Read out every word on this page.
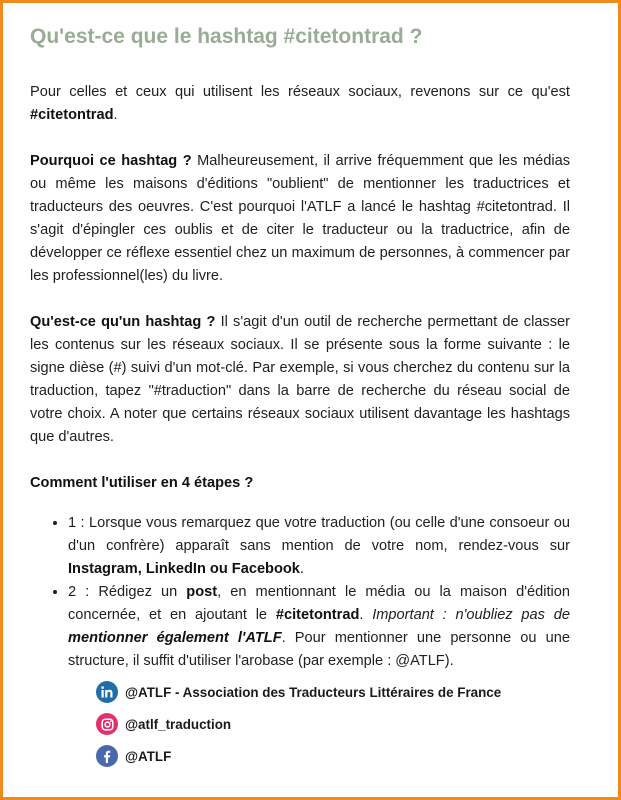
Qu'est-ce que le hashtag #citetontrad ?

Pour celles et ceux qui utilisent les réseaux sociaux, revenons sur ce qu'est #citetontrad.

Pourquoi ce hashtag ? Malheureusement, il arrive fréquemment que les médias ou même les maisons d'éditions "oublient" de mentionner les traductrices et traducteurs des oeuvres. C'est pourquoi l'ATLF a lancé le hashtag #citetontrad. Il s'agit d'épingler ces oublis et de citer le traducteur ou la traductrice, afin de développer ce réflexe essentiel chez un maximum de personnes, à commencer par les professionnel(les) du livre.

Qu'est-ce qu'un hashtag ? Il s'agit d'un outil de recherche permettant de classer les contenus sur les réseaux sociaux. Il se présente sous la forme suivante : le signe dièse (#) suivi d'un mot-clé. Par exemple, si vous cherchez du contenu sur la traduction, tapez "#traduction" dans la barre de recherche du réseau social de votre choix. A noter que certains réseaux sociaux utilisent davantage les hashtags que d'autres.

Comment l'utiliser en 4 étapes ?

• 1 : Lorsque vous remarquez que votre traduction (ou celle d'une consoeur ou d'un confrère) apparaît sans mention de votre nom, rendez-vous sur Instagram, LinkedIn ou Facebook.
• 2 : Rédigez un post, en mentionnant le média ou la maison d'édition concernée, et en ajoutant le #citetontrad. Important : n'oubliez pas de mentionner également l'ATLF. Pour mentionner une personne ou une structure, il suffit d'utiliser l'arobase (par exemple : @ATLF).
@ATLF - Association des Traducteurs Littéraires de France
@atlf_traduction
@ATLF
